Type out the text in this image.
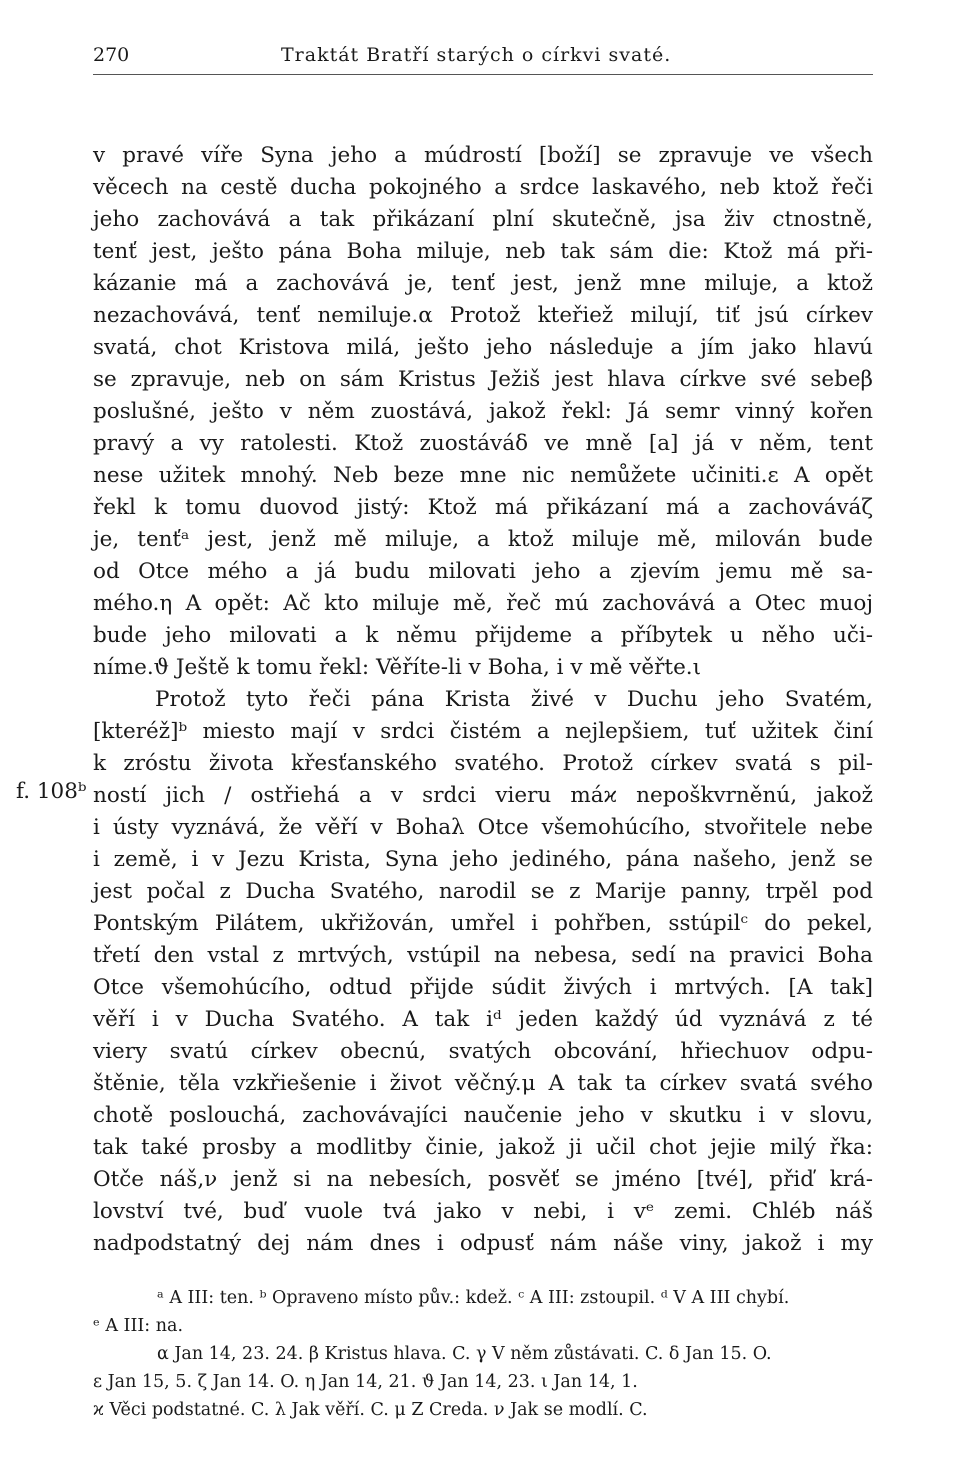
270	Traktát Bratří starých o církvi svaté.
f. 108ᵇ
v pravé víře Syna jeho a múdrostí [boží] se zpravuje ve všech
věcech na cestě ducha pokojného a srdce laskavého, neb ktož řeči
jeho zachovává a tak přikázaní plní skutečně, jsa živ ctnostně,
tenť jest, ješto pána Boha miluje, neb tak sám die: Ktož má při-
kázanie má a zachovává je, tenť jest, jenž mne miluje, a ktož
nezachovává, tenť nemiluje.α Protož kteřiež milují, tiť jsú církev
svatá, chot Kristova milá, ješto jeho následuje a jím jako hlavú
se zpravuje, neb on sám Kristus Ježiš jest hlava církve své sebeβ
poslušné, ješto v něm zuostává, jakož řekl: Já semr vinný kořen
pravý a vy ratolesti. Ktož zuostáváδ ve mně [a] já v něm, tent
nese užitek mnohý. Neb beze mne nic nemůžete učiniti.ε A opět
řekl k tomu duovod jistý: Ktož má přikázaní má a zachováváζ
je, tenťᵃ jest, jenž mě miluje, a ktož miluje mě, milován bude
od Otce mého a já budu milovati jeho a zjevím jemu mě sa-
mého.η A opět: Ač kto miluje mě, řeč mú zachovává a Otec muoj
bude jeho milovati a k němu přijdeme a příbytek u něho uči-
níme.ϑ Ještě k tomu řekl: Věříte-li v Boha, i v mě věřte.ι
Protož tyto řeči pána Krista živé v Duchu jeho Svatém,
[kteréž]ᵇ miesto mají v srdci čistém a nejlepšiem, tuť užitek činí
k zróstu života křesťanského svatého. Protož církev svatá s pil-
ností jich / ostřiehá a v srdci vieru máϰ nepoškvrněnú, jakož
i ústy vyznává, že věří v Bohaλ Otce všemohúcího, stvořitele nebe
i země, i v Jezu Krista, Syna jeho jediného, pána našeho, jenž se
jest počal z Ducha Svatého, narodil se z Marije panny, trpěl pod
Pontským Pilátem, ukřižován, umřel i pohřben, sstúpilᶜ do pekel,
třetí den vstal z mrtvých, vstúpil na nebesa, sedí na pravici Boha
Otce všemohúcího, odtud přijde súdit živých i mrtvých. [A tak]
věří i v Ducha Svatého. A tak iᵈ jeden každý úd vyznává z té
viery svatú církev obecnú, svatých obcování, hřiechuov odpu-
štěnie, těla vzkřiešenie i život věčný.μ A tak ta církev svatá svého
chotě poslouchá, zachovávajíci naučenie jeho v skutku i v slovu,
tak také prosby a modlitby činie, jakož ji učil chot jejie milý řka:
Otče náš,ν jenž si na nebesích, posvěť se jméno [tvé], přiď krá-
lovství tvé, buď vuole tvá jako v nebi, i vᵉ zemi. Chléb náš
nadpodstatný dej nám dnes i odpusť nám náše viny, jakož i my
ᵃ A III: ten. ᵇ Opraveno místo pův.: kdež. ᶜ A III: zstoupil. ᵈ V A III chybí.
ᵉ A III: na.
α Jan 14, 23. 24. β Kristus hlava. C. γ V něm zůstávati. C. δ Jan 15. O.
ε Jan 15, 5. ζ Jan 14. O. η Jan 14, 21. ϑ Jan 14, 23. ι Jan 14, 1.
ϰ Věci podstatné. C. λ Jak věří. C. μ Z Creda. ν Jak se modlí. C.
